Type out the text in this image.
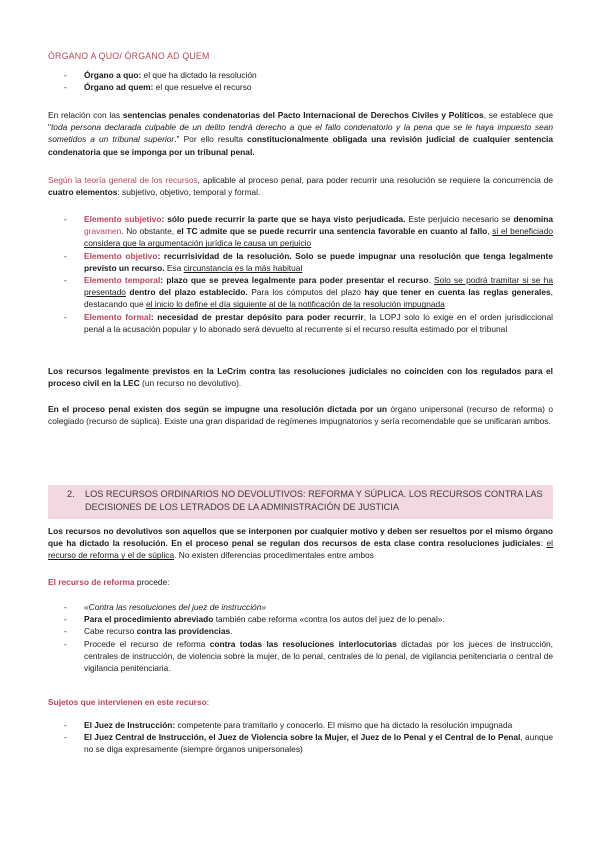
ÓRGANO A QUO/ ÓRGANO AD QUEM

- Órgano a quo: el que ha dictado la resolución
- Órgano ad quem: el que resuelve el recurso

En relación con las sentencias penales condenatorias del Pacto Internacional de Derechos Civiles y Políticos, se establece que "toda persona declarada culpable de un delito tendrá derecho a que el fallo condenatorio y la pena que se le haya impuesto sean sometidos a un tribunal superior." Por ello resulta constitucionalmente obligada una revisión judicial de cualquier sentencia condenatoria que se imponga por un tribunal penal.

Según la teoría general de los recursos, aplicable al proceso penal, para poder recurrir una resolución se requiere la concurrencia de cuatro elementos: subjetivo, objetivo, temporal y formal.

- Elemento subjetivo: sólo puede recurrir la parte que se haya visto perjudicada. Este perjuicio necesario se denomina gravamen. No obstante, el TC admite que se puede recurrir una sentencia favorable en cuanto al fallo, si el beneficiado considera que la argumentación jurídica le causa un perjuicio
- Elemento objetivo: recurrisividad de la resolución. Solo se puede impugnar una resolución que tenga legalmente previsto un recurso. Esa circunstancia es la más habitual
- Elemento temporal: plazo que se prevea legalmente para poder presentar el recurso. Solo se podrá tramitar si se ha presentado dentro del plazo establecido. Para los cómputos del plazo hay que tener en cuenta las reglas generales, destacando que el inicio lo define el día siguiente al de la notificación de la resolución impugnada
- Elemento formal: necesidad de prestar depósito para poder recurrir, la LOPJ solo lo exige en el orden jurisdiccional penal a la acusación popular y lo abonado será devuelto al recurrente si el recurso resulta estimado por el tribunal

Los recursos legalmente previstos en la LeCrim contra las resoluciones judiciales no coinciden con los regulados para el proceso civil en la LEC (un recurso no devolutivo).

En el proceso penal existen dos según se impugne una resolución dictada por un órgano unipersonal (recurso de reforma) o colegiado (recurso de súplica). Existe una gran disparidad de regímenes impugnatorios y sería recomendable que se unificaran ambos.

2. LOS RECURSOS ORDINARIOS NO DEVOLUTIVOS: REFORMA Y SÚPLICA. LOS RECURSOS CONTRA LAS DECISIONES DE LOS LETRADOS DE LA ADMINISTRACIÓN DE JUSTICIA

Los recursos no devolutivos son aquellos que se interponen por cualquier motivo y deben ser resueltos por el mismo órgano que ha dictado la resolución. En el proceso penal se regulan dos recursos de esta clase contra resoluciones judiciales: el recurso de reforma y el de súplica. No existen diferencias procedimentales entre ambos

El recurso de reforma procede:

- «Contra las resoluciones del juez de instrucción»
- Para el procedimiento abreviado también cabe reforma «contra los autos del juez de lo penal».
- Cabe recurso contra las providencias.
- Procede el recurso de reforma contra todas las resoluciones interlocutorias dictadas por los jueces de instrucción, centrales de instrucción, de violencia sobre la mujer, de lo penal, centrales de lo penal, de vigilancia penitenciaria o central de vigilancia penitenciaria.

Sujetos que intervienen en este recurso:

- El Juez de Instrucción: competente para tramitarlo y conocerlo. El mismo que ha dictado la resolución impugnada
- El Juez Central de Instrucción, el Juez de Violencia sobre la Mujer, el Juez de lo Penal y el Central de lo Penal, aunque no se diga expresamente (siempre órganos unipersonales)
